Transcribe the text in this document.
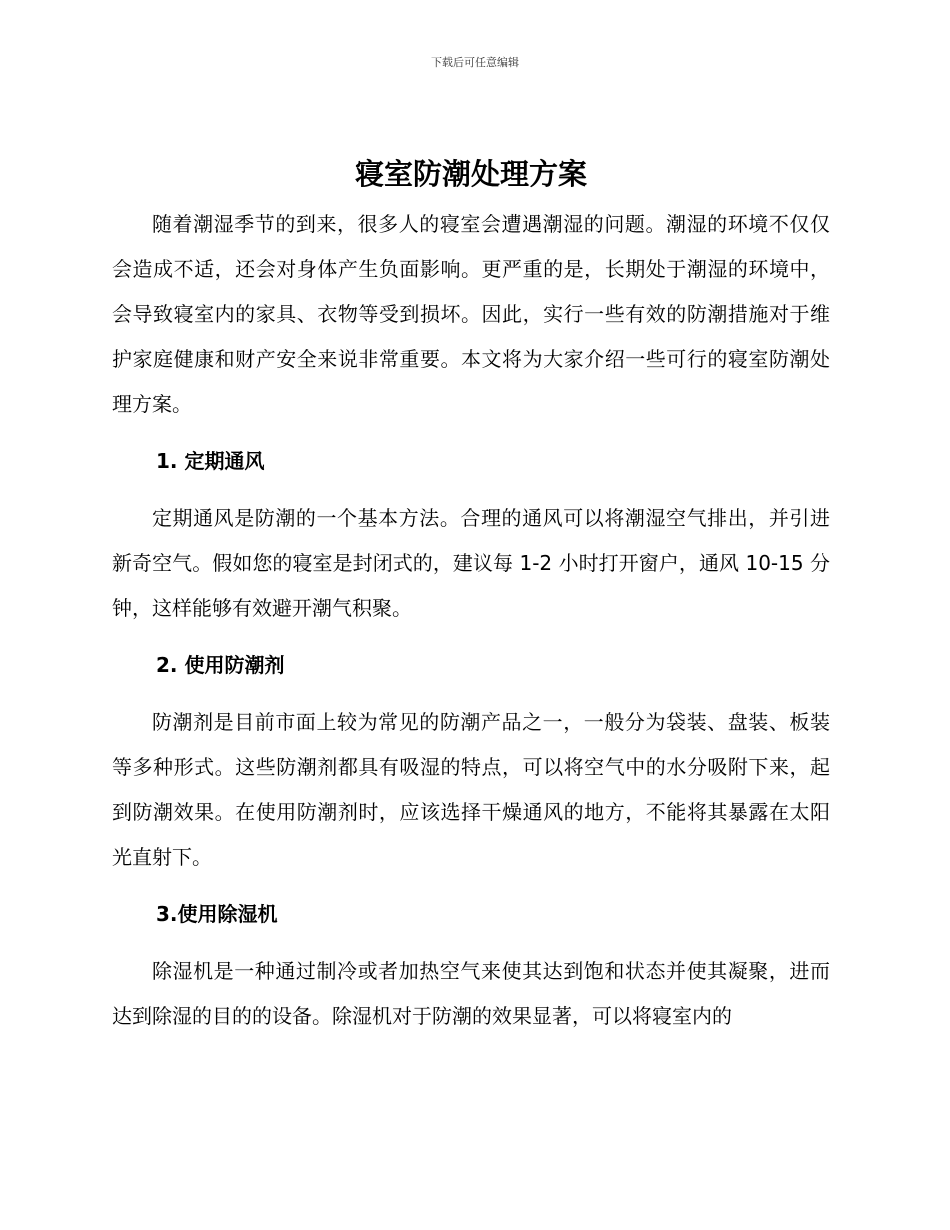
下载后可任意编辑
寝室防潮处理方案

随着潮湿季节的到来，很多人的寝室会遭遇潮湿的问题。潮湿的环境不仅仅会造成不适，还会对身体产生负面影响。更严重的是，长期处于潮湿的环境中，会导致寝室内的家具、衣物等受到损坏。因此，实行一些有效的防潮措施对于维护家庭健康和财产安全来说非常重要。本文将为大家介绍一些可行的寝室防潮处理方案。

1. 定期通风

定期通风是防潮的一个基本方法。合理的通风可以将潮湿空气排出，并引进新奇空气。假如您的寝室是封闭式的，建议每 1-2 小时打开窗户，通风 10-15 分钟，这样能够有效避开潮气积聚。

2. 使用防潮剂

防潮剂是目前市面上较为常见的防潮产品之一，一般分为袋装、盘装、板装等多种形式。这些防潮剂都具有吸湿的特点，可以将空气中的水分吸附下来，起到防潮效果。在使用防潮剂时，应该选择干燥通风的地方，不能将其暴露在太阳光直射下。

3.使用除湿机

除湿机是一种通过制冷或者加热空气来使其达到饱和状态并使其凝聚，进而达到除湿的目的的设备。除湿机对于防潮的效果显著，可以将寝室内的
